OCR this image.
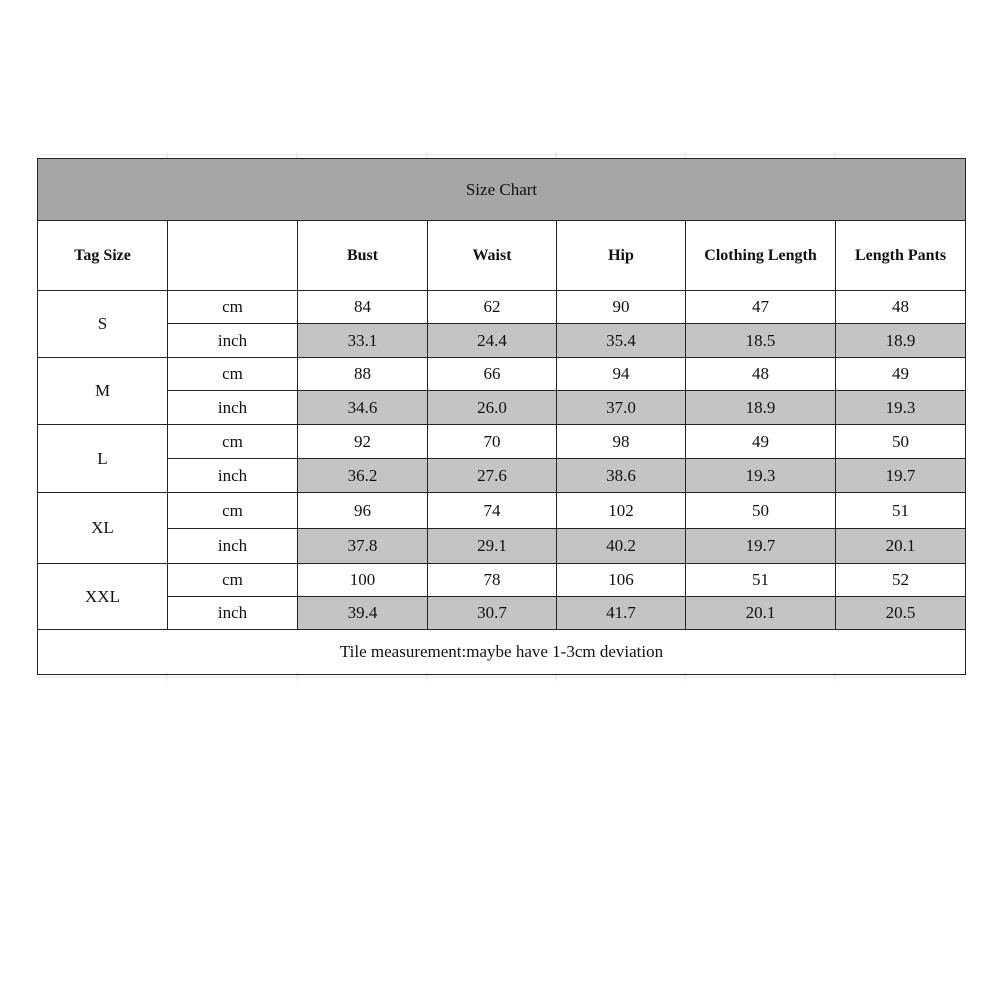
Size Chart						
Tag Size		Bust	Waist	Hip	Clothing Length	Length Pants
S	cm	84	62	90	47	48
	inch	33.1	24.4	35.4	18.5	18.9
M	cm	88	66	94	48	49
	inch	34.6	26.0	37.0	18.9	19.3
L	cm	92	70	98	49	50
	inch	36.2	27.6	38.6	19.3	19.7
XL	cm	96	74	102	50	51
	inch	37.8	29.1	40.2	19.7	20.1
XXL	cm	100	78	106	51	52
	inch	39.4	30.7	41.7	20.1	20.5
Tile measurement:maybe have 1-3cm deviation						
